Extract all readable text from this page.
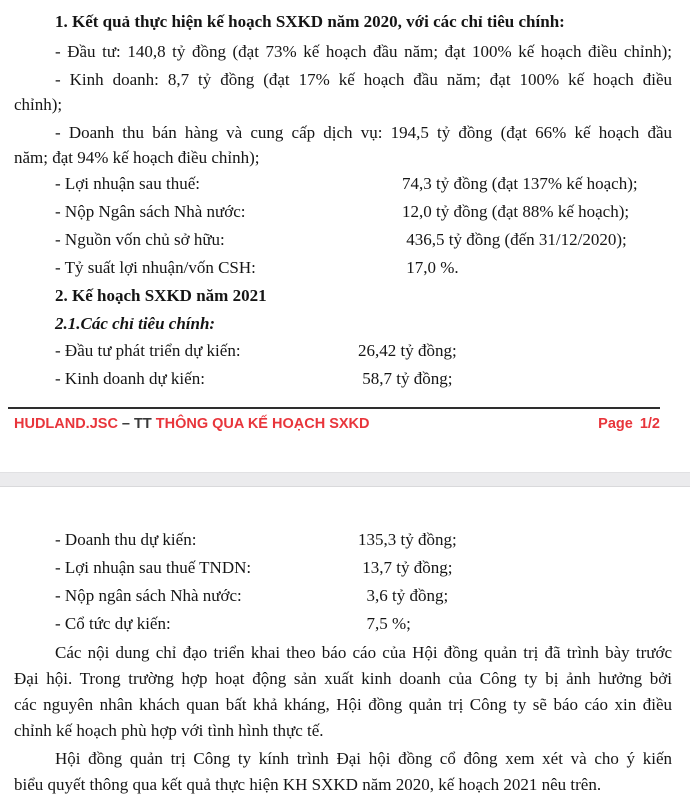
1. Kết quả thực hiện kế hoạch SXKD năm 2020, với các chỉ tiêu chính:

- Đầu tư: 140,8 tỷ đồng (đạt 73% kế hoạch đầu năm; đạt 100% kế hoạch điều chỉnh);

- Kinh doanh: 8,7 tỷ đồng (đạt 17% kế hoạch đầu năm; đạt 100% kế hoạch điều

chỉnh);

- Doanh thu bán hàng và cung cấp dịch vụ: 194,5 tỷ đồng (đạt 66% kế hoạch đầu

năm; đạt 94% kế hoạch điều chỉnh);

- Lợi nhuận sau thuế:	74,3 tỷ đồng (đạt 137% kế hoạch);
- Nộp Ngân sách Nhà nước:	12,0 tỷ đồng (đạt 88% kế hoạch);
- Nguồn vốn chủ sở hữu:	436,5 tỷ đồng (đến 31/12/2020);
- Tỷ suất lợi nhuận/vốn CSH:	17,0 %.

2. Kế hoạch SXKD năm 2021

2.1.Các chỉ tiêu chính:

- Đầu tư phát triển dự kiến:	26,42 tỷ đồng;
- Kinh doanh dự kiến:	58,7 tỷ đồng;
HUDLAND.JSC – TT THÔNG QUA KẾ HOẠCH SXKD	Page 1/2
- Doanh thu dự kiến:	135,3 tỷ đồng;
- Lợi nhuận sau thuế TNDN:	13,7 tỷ đồng;
- Nộp ngân sách Nhà nước:	3,6 tỷ đồng;
- Cổ tức dự kiến:	7,5 %;

Các nội dung chỉ đạo triển khai theo báo cáo của Hội đồng quản trị đã trình bày trước

Đại hội. Trong trường hợp hoạt động sản xuất kinh doanh của Công ty bị ảnh hưởng bởi

các nguyên nhân khách quan bất khả kháng, Hội đồng quản trị Công ty sẽ báo cáo xin điều

chỉnh kế hoạch phù hợp với tình hình thực tế.

Hội đồng quản trị Công ty kính trình Đại hội đồng cổ đông xem xét và cho ý kiến

biểu quyết thông qua kết quả thực hiện KH SXKD năm 2020, kế hoạch 2021 nêu trên.
